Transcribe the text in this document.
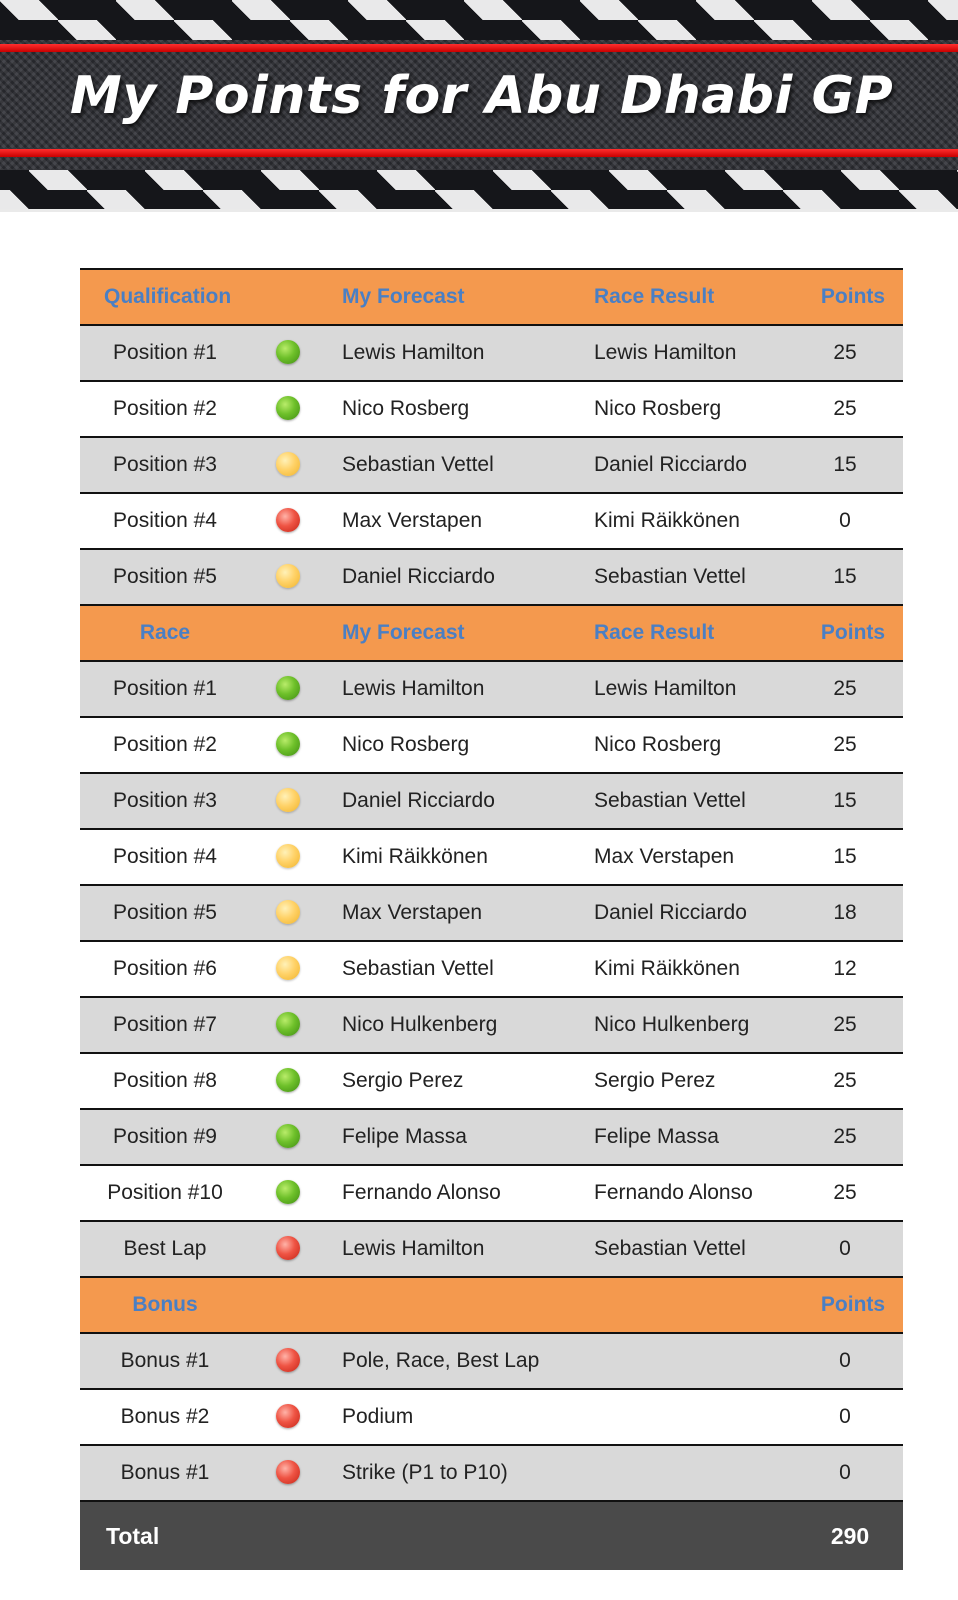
My Points for Abu Dhabi GP
Qualification	My Forecast	Race Result	Points
Position #1	Lewis Hamilton	Lewis Hamilton	25
Position #2	Nico Rosberg	Nico Rosberg	25
Position #3	Sebastian Vettel	Daniel Ricciardo	15
Position #4	Max Verstapen	Kimi Räikkönen	0
Position #5	Daniel Ricciardo	Sebastian Vettel	15
Race	My Forecast	Race Result	Points
Position #1	Lewis Hamilton	Lewis Hamilton	25
Position #2	Nico Rosberg	Nico Rosberg	25
Position #3	Daniel Ricciardo	Sebastian Vettel	15
Position #4	Kimi Räikkönen	Max Verstapen	15
Position #5	Max Verstapen	Daniel Ricciardo	18
Position #6	Sebastian Vettel	Kimi Räikkönen	12
Position #7	Nico Hulkenberg	Nico Hulkenberg	25
Position #8	Sergio Perez	Sergio Perez	25
Position #9	Felipe Massa	Felipe Massa	25
Position #10	Fernando Alonso	Fernando Alonso	25
Best Lap	Lewis Hamilton	Sebastian Vettel	0
Bonus	Points
Bonus #1	Pole, Race, Best Lap	0
Bonus #2	Podium	0
Bonus #1	Strike (P1 to P10)	0
Total	290
